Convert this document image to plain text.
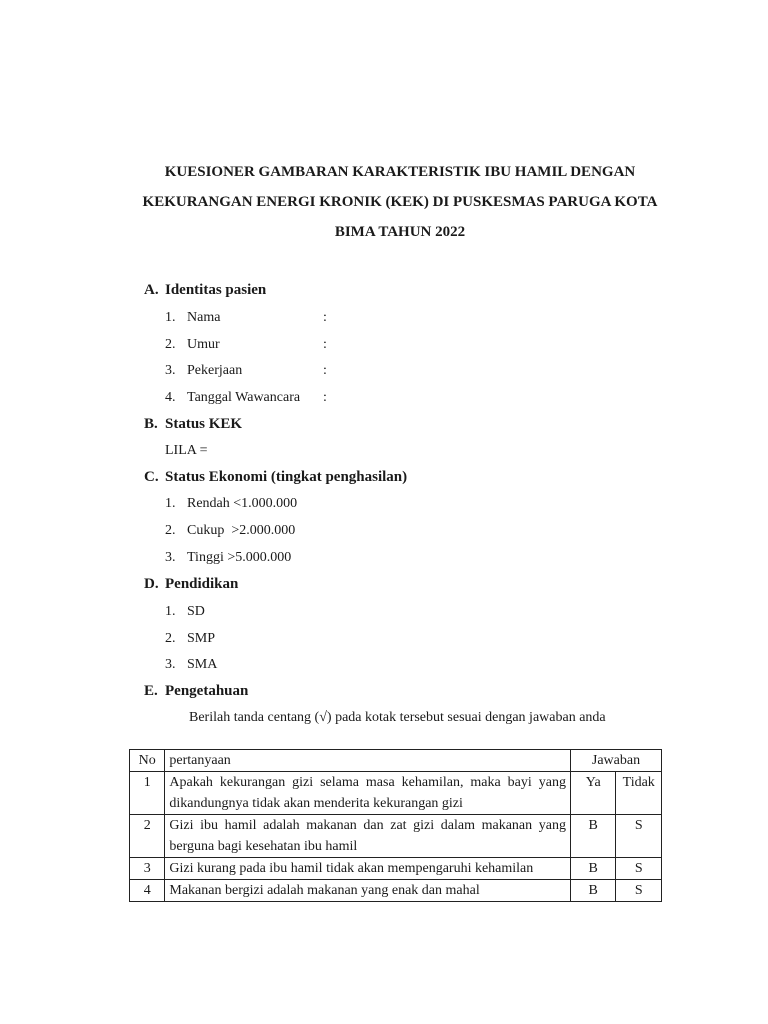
KUESIONER GAMBARAN KARAKTERISTIK IBU HAMIL DENGAN
KEKURANGAN ENERGI KRONIK (KEK) DI PUSKESMAS PARUGA KOTA
BIMA TAHUN 2022
A. Identitas pasien
1. Nama	:
2. Umur	:
3. Pekerjaan	:
4. Tanggal Wawancara :
B. Status KEK
LILA =
C. Status Ekonomi (tingkat penghasilan)
1. Rendah <1.000.000
2. Cukup  >2.000.000
3. Tinggi >5.000.000
D. Pendidikan
1. SD
2. SMP
3. SMA
E. Pengetahuan
Berilah tanda centang (√) pada kotak tersebut sesuai dengan jawaban anda
No	pertanyaan	Jawaban	
1	Apakah kekurangan gizi selama masa kehamilan, maka bayi yang dikandungnya tidak akan menderita kekurangan gizi	Ya	Tidak
2	Gizi ibu hamil adalah makanan dan zat gizi dalam makanan yang berguna bagi kesehatan ibu hamil	B	S
3	Gizi kurang pada ibu hamil tidak akan mempengaruhi kehamilan	B	S
4	Makanan bergizi adalah makanan yang enak dan mahal	B	S
